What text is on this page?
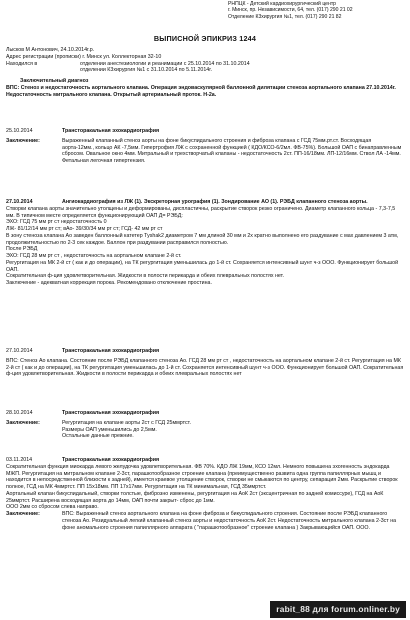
РНПЦК - Детский кардиохирургический центр
г. Минск, пр. Независимости, 64, тел. (017) 290 21 02
Отделение К3хирургия №1, тел. (017) 290 21 82
ВЫПИСНОЙ ЭПИКРИЗ 1244
Лысков М Антонович, 24.10.2014г.р.
Адрес регистрации (прописки) г. Минск ул. Коллекторная 32-10
Находился в	отделении анестезиологии и реанимации с 25.10.2014 по 31.10.2014
отделении К3хирургия №1 с 31.10.2014 по 5.11.2014г.
Заключительный диагноз

ВПС: Стеноз и недостаточность аортального клапана. Операция эндоваскулярной баллонной дилятации стеноза аортального клапана 27.10.2014г. Недостаточность митрального клапана. Открытый артериальный проток. Н-2а.

25.10.2014	Трансторакальная эхокардиография
Заключение:	Выраженный клапанный стеноз аорты на фоне бикуспидального строения и фиброза клапана с ГСД 75мм.рт.ст. Восходящая аорта-12мм., кольцо АК -7,5мм. Гипертрофия ЛЖ с сохраненной функцией ( КДО/КСО-6/2мл. ФВ-75%). Большой ОАП с бинаправленным сбросом. Овальное окно 4мм. Митральный и трехстворчатый клапаны - недостаточность 2ст. ПП-16/18мм. ЛП-12/16мм. Ствол ЛА -14мм. Фетальная легочная гипертензия.

27.10.2014	Ангиокардиография из ЛЖ (1). Экскреторная урография (1). Зондирование АО (1). РЭБД клапанного стеноза аорты.

Створки клапана аорты значительно утолщены и деформированы, диспластичны, раскрытие створок резко ограничено. Диаметр клапанного кольца - 7,3-7,5 мм. В типичном месте определяется функционирующий ОАП Д= РЭБД:

ЭХО: ГСД 75 мм рт ст недостаточность 0

ЛЖ- 81/12/14 мм рт ст; вАо- 39/30/34 мм рт ст; ГСД- 42 мм рт ст

В зону стеноза клапана Ао заведен баллонный катетер Tyshak2 диаметром 7 мм длиной 30 мм и 2х кратно выполнено его раздувание с мах давлением 3 атм, продолжительностью по 2-3 сек каждое. Баллон при раздувании расправился полностью.

После РЭБД

ЭХО: ГСД 28 мм рт ст , недостаточность на аортальном клапане 2-й ст.

Регургитация на МК 2-й ст ( как и до операции), на ТК регургитация уменьшилась до 1-й ст. Сохраняется интенсивный шунт ч-з ООО. Функционирует большой ОАП.

Сократительная ф-ция удовлетворительная. Жидкости в полости перикарда и обеих плевральных полостях нет.

Заключение - адекватная коррекция порока. Рекомендовано отключение простина.

27.10.2014	Трансторакальная эхокардиография

ВПС: Стеноз Ао клапана. Состояние после РЭБД клапанного стеноза Ао. ГСД 28 мм рт ст , недостаточность на аортальном клапане 2-й ст. Регургитация на МК 2-й ст ( как и до операции), на ТК регургитация уменьшилась до 1-й ст. Сохраняется интенсивный шунт ч-з ООО. Функционирует большой ОАП. Сократительная ф-ция удовлетворительная. Жидкости в полости перикарда и обеих плевральных полостях нет

28.10.2014	Трансторакальная эхокардиография
Заключение:	Регургитация на клапане аорты 2ст с ГСД 25ммртст.
Размеры ОАП уменьшились до 2,5мм.
Остальные данные прежние.
03.11.2014	Трансторакальная эхокардиография

Сократительная функция миокарда левого желудочка удовлетворительная. ФВ 70%. КДО ЛЖ 19мм, КСО 12мл. Немного повышена эхогенность эндокарда МЖП. Регургитация на митральном клапане 2-3ст, парашютообразное строение клапана (преимущественно развита одна группа папиллярных мышц и находится в непосредственной близости к задней), имеется краевое утолщение створок, створки не смыкаются по центру, сепарация 2мм. Раскрытие створок полное, ГСД на МК 4ммртст. ПП 15х18мм. ПП 17х17мм. Регургитация на ТК минимальная, ГСД 35ммртст.

Аортальный клапан бикуспидальный, створки толстые, фиброзно изменены, регургитация на АоК 2ст (эксцентричная по задней комиссуре), ГСД на АоК 25ммртст. Расширена восходящая аорта до 14мм, ОАП почти закрыт- сброс до 1мм.

ООО 2мм со сбросом слева направо.

Заключение:	ВПС: Выраженный стеноз аортального клапана на фоне фиброза и бикуспидального строения. Состояние после РЭБД клапанного стеноза Ао. Резидуальный легкий клапанный стеноз аорты и недостаточность АоК 2ст. Недостаточность митрального клапана 2-3ст на фоне аномального строения папиллярного аппарата ( "парашютообразное" строение клапана ) Закрывающийся ОАП. ООО.

rabit_88 для forum.onliner.by
